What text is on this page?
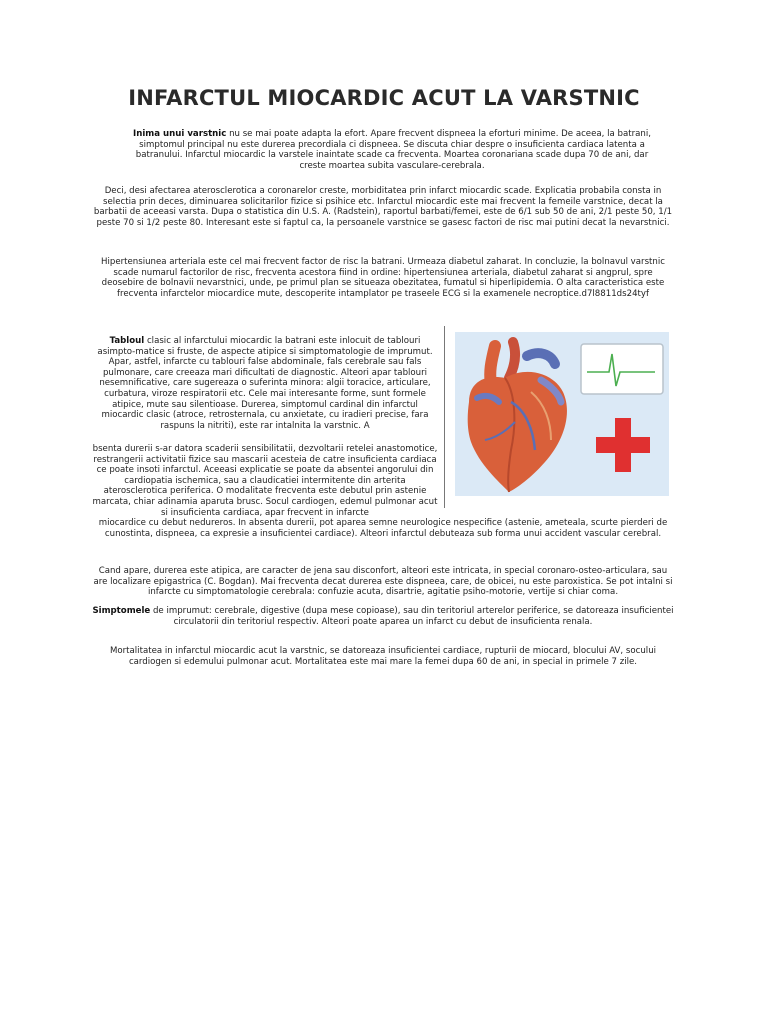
INFARCTUL MIOCARDIC ACUT LA VARSTNIC

Inima unui varstnic nu se mai poate adapta la efort. Apare frecvent dispneea la eforturi minime. De aceea, la batrani, simptomul principal nu este durerea precordiala ci dispneea. Se discuta chiar despre o insuficienta cardiaca latenta a batranului. Infarctul miocardic la varstele inaintate scade ca frecventa. Moartea coronariana scade dupa 70 de ani, dar creste moartea subita vasculare-cerebrala.

Deci, desi afectarea aterosclerotica a coronarelor creste, morbiditatea prin infarct miocardic scade. Explicatia probabila consta in selectia prin deces, diminuarea solicitarilor fizice si psihice etc. Infarctul miocardic este mai frecvent la femeile varstnice, decat la barbatii de aceeasi varsta. Dupa o statistica din U.S. A. (Radstein), raportul barbati/femei, este de 6/1 sub 50 de ani, 2/1 peste 50, 1/1 peste 70 si 1/2 peste 80. Interesant este si faptul ca, la persoanele varstnice se gasesc factori de risc mai putini decat la nevarstnici.

Hipertensiunea arteriala este cel mai frecvent factor de risc la batrani. Urmeaza diabetul zaharat. In concluzie, la bolnavul varstnic scade numarul factorilor de risc, frecventa acestora fiind in ordine: hipertensiunea arteriala, diabetul zaharat si angprul, spre deosebire de bolnavii nevarstnici, unde, pe primul plan se situeaza obezitatea, fumatul si hiperlipidemia. O alta caracteristica este frecventa infarctelor miocardice mute, descoperite intamplator pe traseele ECG si la examenele necroptice.d7l8811ds24tyf

Tabloul clasic al infarctului miocardic la batrani este inlocuit de tablouri asimpto-matice si fruste, de aspecte atipice si simptomatologie de imprumut. Apar, astfel, infarcte cu tablouri false abdominale, fals cerebrale sau fals pulmonare, care creeaza mari dificultati de diagnostic. Alteori apar tablouri nesemnificative, care sugereaza o suferinta minora: algii toracice, articulare, curbatura, viroze respiratorii etc. Cele mai interesante forme, sunt formele atipice, mute sau silentioase. Durerea, simptomul cardinal din infarctul miocardic clasic (atroce, retrosternala, cu anxietate, cu iradieri precise, fara raspuns la nitriti), este rar intalnita la varstnic. A

bsenta durerii s-ar datora scaderii sensibilitatii, dezvoltarii retelei anastomotice, restrangerii activitatii fizice sau mascarii acesteia de catre insuficienta cardiaca ce poate insoti infarctul. Aceeasi explicatie se poate da absentei angorului din cardiopatia ischemica, sau a claudicatiei intermitente din arterita aterosclerotica periferica. O modalitate frecventa este debutul prin astenie marcata, chiar adinamia aparuta brusc. Socul cardiogen, edemul pulmonar acut si insuficienta cardiaca, apar frecvent in infarcte

miocardice cu debut nedureros. In absenta durerii, pot aparea semne neurologice nespecifice (astenie, ameteala, scurte pierderi de cunostinta, dispneea, ca expresie a insuficientei cardiace). Alteori infarctul debuteaza sub forma unui accident vascular cerebral.

Cand apare, durerea este atipica, are caracter de jena sau disconfort, alteori este intricata, in special coronaro-osteo-articulara, sau are localizare epigastrica (C. Bogdan). Mai frecventa decat durerea este dispneea, care, de obicei, nu este paroxistica. Se pot intalni si infarcte cu simptomatologie cerebrala: confuzie acuta, disartrie, agitatie psiho-motorie, vertije si chiar coma.

Simptomele de imprumut: cerebrale, digestive (dupa mese copioase), sau din teritoriul arterelor periferice, se datoreaza insuficientei circulatorii din teritoriul respectiv. Alteori poate aparea un infarct cu debut de insuficienta renala.

Mortalitatea in infarctul miocardic acut la varstnic, se datoreaza insuficientei cardiace, rupturii de miocard, blocului AV, socului cardiogen si edemului pulmonar acut. Mortalitatea este mai mare la femei dupa 60 de ani, in special in primele 7 zile.
